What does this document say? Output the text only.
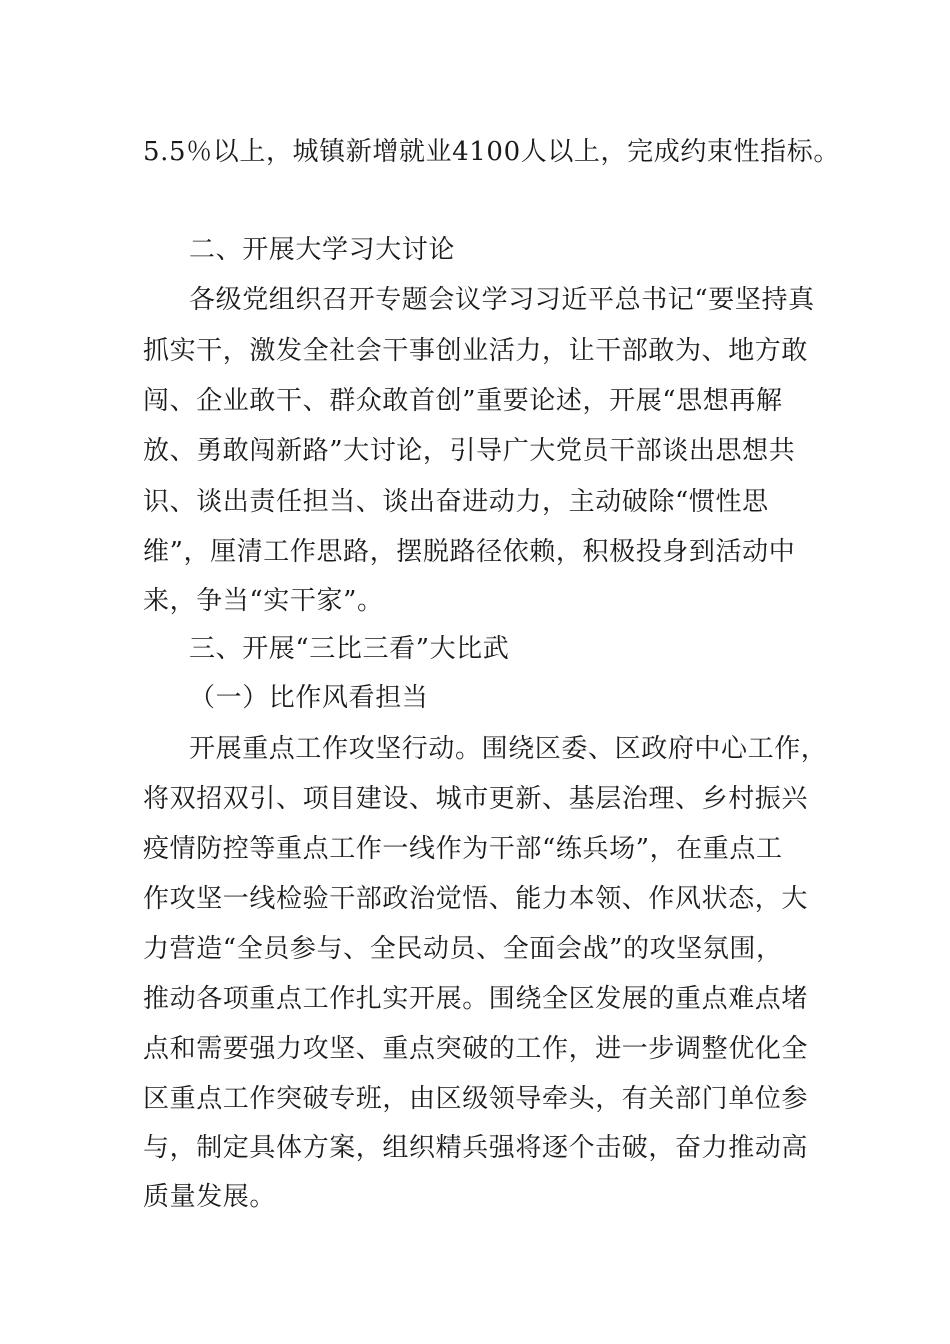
5.5％以上，城镇新增就业4100人以上，完成约束性指标。
二、开展大学习大讨论
各级党组织召开专题会议学习习近平总书记“要坚持真
抓实干，激发全社会干事创业活力，让干部敢为、地方敢
闯、企业敢干、群众敢首创”重要论述，开展“思想再解
放、勇敢闯新路”大讨论，引导广大党员干部谈出思想共
识、谈出责任担当、谈出奋进动力，主动破除“惯性思
维”，厘清工作思路，摆脱路径依赖，积极投身到活动中
来，争当“实干家”。
三、开展“三比三看”大比武
（一）比作风看担当
开展重点工作攻坚行动。围绕区委、区政府中心工作，
将双招双引、项目建设、城市更新、基层治理、乡村振兴
疫情防控等重点工作一线作为干部“练兵场”，在重点工
作攻坚一线检验干部政治觉悟、能力本领、作风状态，大
力营造“全员参与、全民动员、全面会战”的攻坚氛围，
推动各项重点工作扎实开展。围绕全区发展的重点难点堵
点和需要强力攻坚、重点突破的工作，进一步调整优化全
区重点工作突破专班，由区级领导牵头，有关部门单位参
与，制定具体方案，组织精兵强将逐个击破，奋力推动高
质量发展。
